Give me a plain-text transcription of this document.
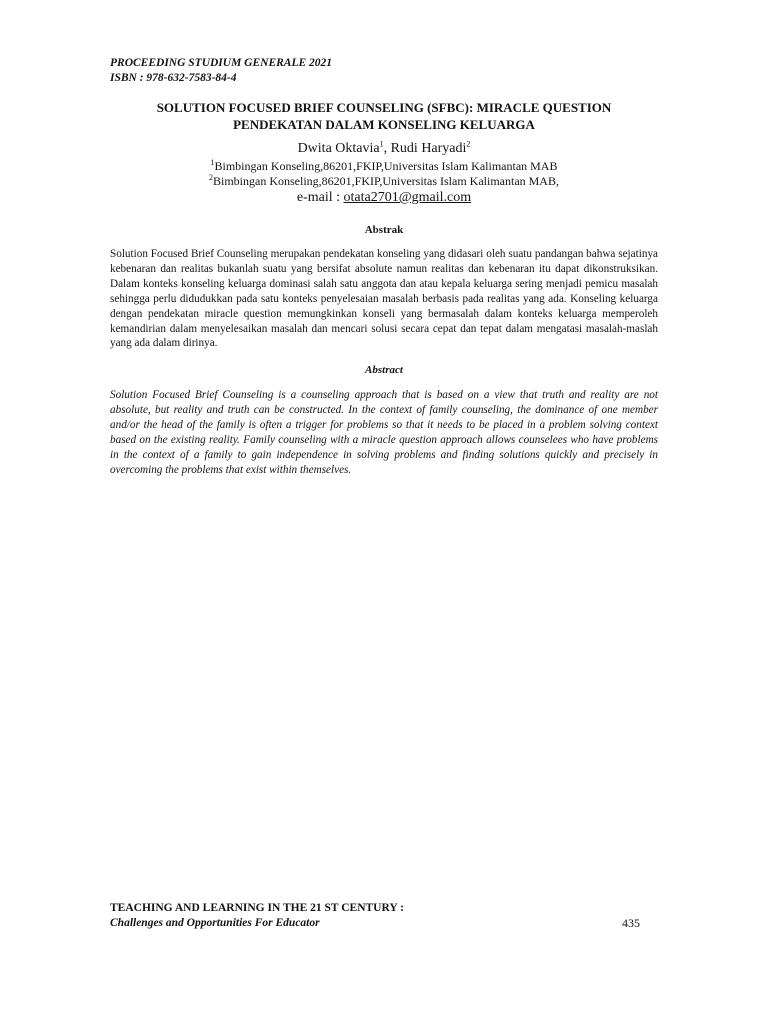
PROCEEDING STUDIUM GENERALE 2021
ISBN : 978-632-7583-84-4
SOLUTION FOCUSED BRIEF COUNSELING (SFBC): MIRACLE QUESTION
PENDEKATAN DALAM KONSELING KELUARGA
Dwita Oktavia$^1$, Rudi Haryadi$^2$
$^1$Bimbingan Konseling,86201,FKIP,Universitas Islam Kalimantan MAB
$^2$Bimbingan Konseling,86201,FKIP,Universitas Islam Kalimantan MAB,
e-mail : otata2701@gmail.com
Abstrak
Solution Focused Brief Counseling merupakan pendekatan konseling yang didasari oleh suatu pandangan bahwa sejatinya kebenaran dan realitas bukanlah suatu yang bersifat absolute namun realitas dan kebenaran itu dapat dikonstruksikan. Dalam konteks konseling keluarga dominasi salah satu anggota dan atau kepala keluarga sering menjadi pemicu masalah sehingga perlu didudukkan pada satu konteks penyelesaian masalah berbasis pada realitas yang ada. Konseling keluarga dengan pendekatan miracle question memungkinkan konseli yang bermasalah dalam konteks keluarga memperoleh kemandirian dalam menyelesaikan masalah dan mencari solusi secara cepat dan tepat dalam mengatasi masalah-maslah yang ada dalam dirinya.
Abstract
Solution Focused Brief Counseling is a counseling approach that is based on a view that truth and reality are not absolute, but reality and truth can be constructed. In the context of family counseling, the dominance of one member and/or the head of the family is often a trigger for problems so that it needs to be placed in a problem solving context based on the existing reality. Family counseling with a miracle question approach allows counselees who have problems in the context of a family to gain independence in solving problems and finding solutions quickly and precisely in overcoming the problems that exist within themselves.
TEACHING AND LEARNING IN THE 21 ST CENTURY :
Challenges and Opportunities For Educator	435
